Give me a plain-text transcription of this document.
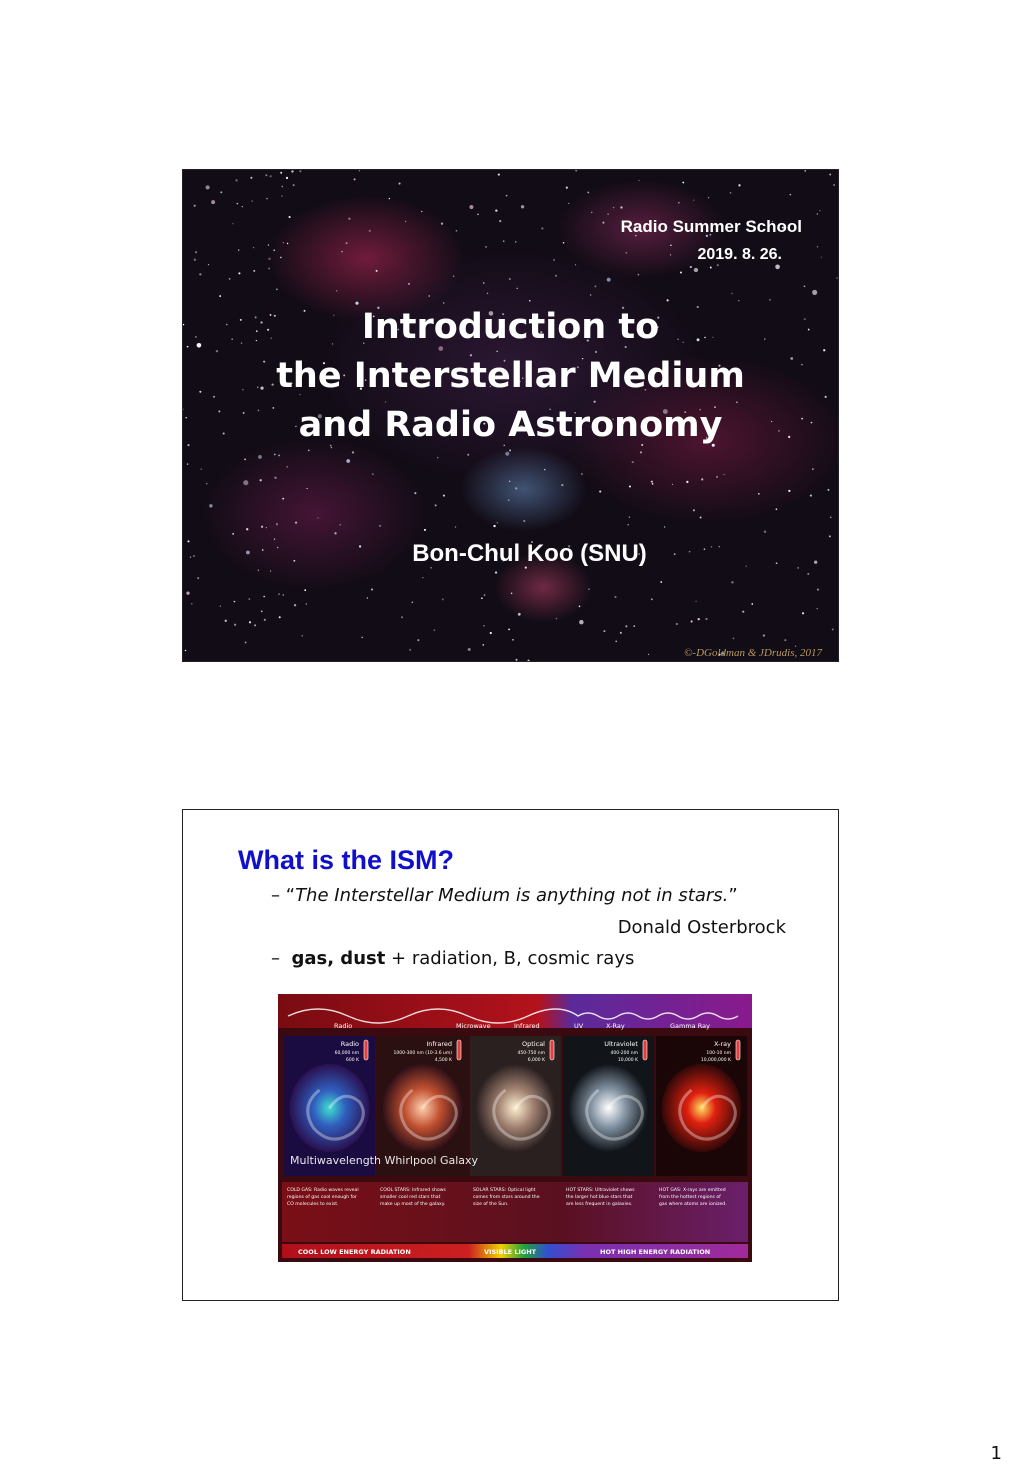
Radio Summer School
2019. 8. 26.
Introduction to
the Interstellar Medium
and Radio Astronomy
Bon-Chul Koo (SNU)
©-DGoldman & JDrudis, 2017
What is the ISM?
– “The Interstellar Medium is anything not in stars.”
Donald Osterbrock
– gas, dust + radiation, B, cosmic rays
Radio	Microwave	Infrared	UV	X-Ray	Gamma Ray
Radio
60,000 nm
600 K
Infrared
1000-300 nm (10-3.6 um)
4,500 K
Optical
450-750 nm
6,000 K
Ultraviolet
400-200 nm
10,000 K
X-ray
100-10 nm
10,000,000 K
Multiwavelength Whirlpool Galaxy
COLD GAS: Radio waves reveal
regions of gas cool enough for
CO molecules to exist.
COOL STARS: Infrared shows
smaller cool red stars that
make up most of the galaxy.
SOLAR STARS: Optical light
comes from stars around the
size of the Sun.
HOT STARS: Ultraviolet shows
the larger hot blue stars that
are less frequent in galaxies.
HOT GAS: X-rays are emitted
from the hottest regions of
gas where atoms are ionized.
COOL LOW ENERGY RADIATION	VISIBLE LIGHT	HOT HIGH ENERGY RADIATION
1
